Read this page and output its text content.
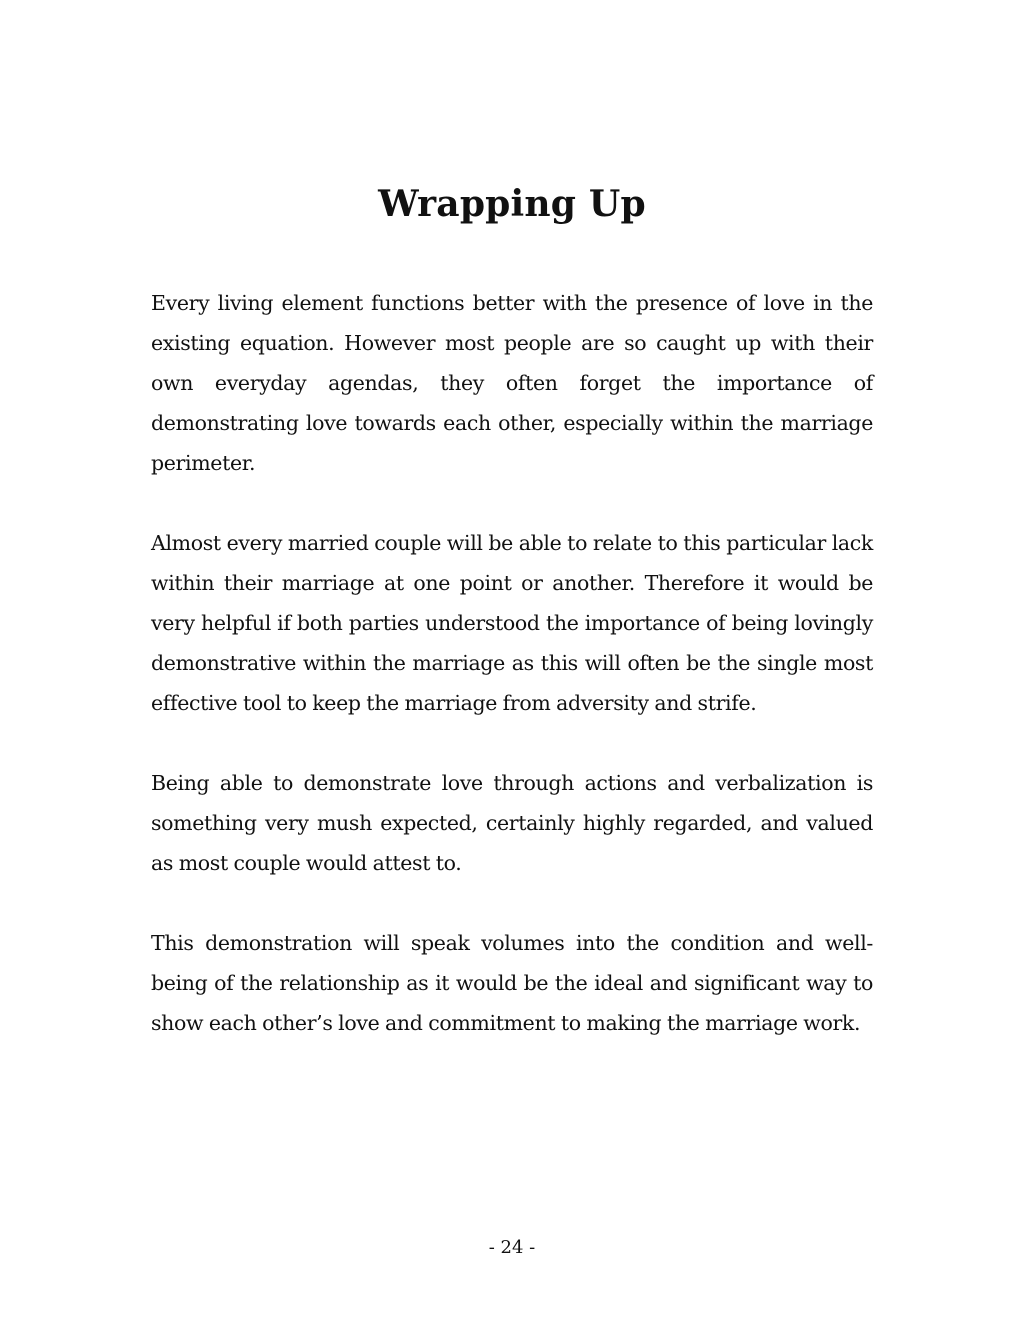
Wrapping Up

Every living element functions better with the presence of love in the existing equation. However most people are so caught up with their own everyday agendas, they often forget the importance of demonstrating love towards each other, especially within the marriage perimeter.

Almost every married couple will be able to relate to this particular lack within their marriage at one point or another. Therefore it would be very helpful if both parties understood the importance of being lovingly demonstrative within the marriage as this will often be the single most effective tool to keep the marriage from adversity and strife.

Being able to demonstrate love through actions and verbalization is something very mush expected, certainly highly regarded, and valued as most couple would attest to.

This demonstration will speak volumes into the condition and well-being of the relationship as it would be the ideal and significant way to show each other’s love and commitment to making the marriage work.

- 24 -
